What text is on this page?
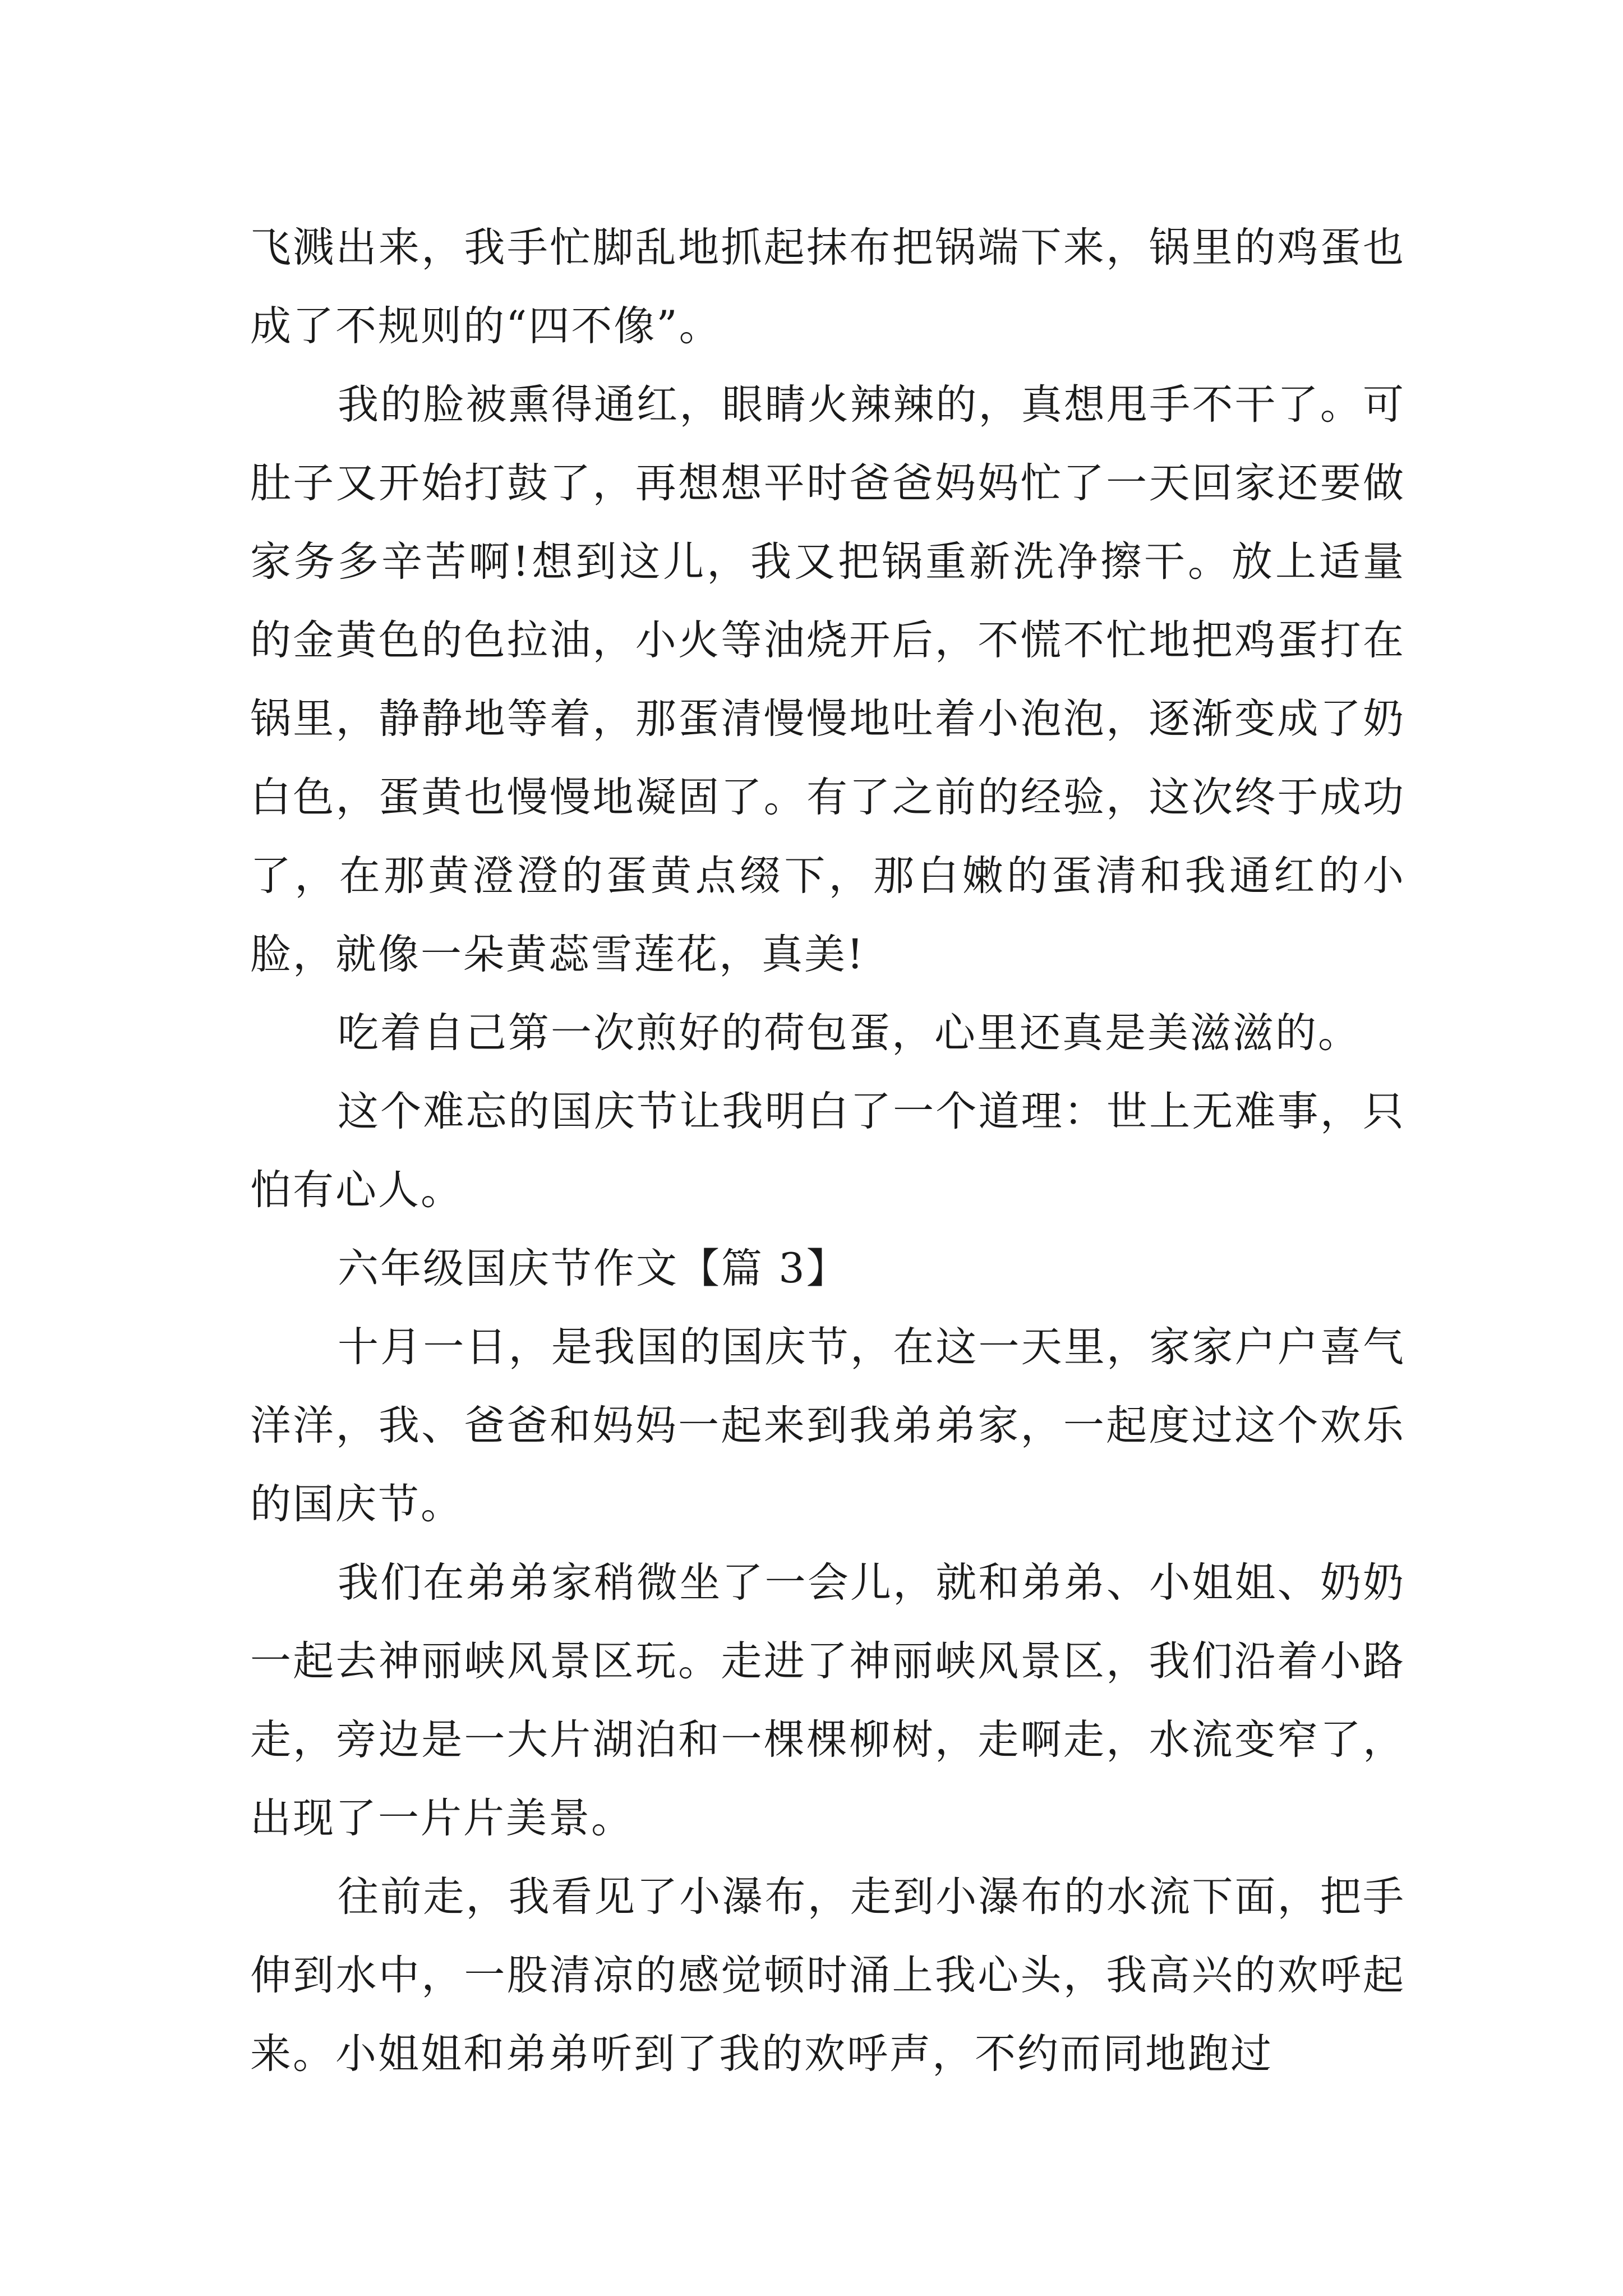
飞溅出来，我手忙脚乱地抓起抹布把锅端下来，锅里的鸡蛋也成了不规则的“四不像”。

我的脸被熏得通红，眼睛火辣辣的，真想甩手不干了。可肚子又开始打鼓了，再想想平时爸爸妈妈忙了一天回家还要做家务多辛苦啊!想到这儿，我又把锅重新洗净擦干。放上适量的金黄色的色拉油，小火等油烧开后，不慌不忙地把鸡蛋打在锅里，静静地等着，那蛋清慢慢地吐着小泡泡，逐渐变成了奶白色，蛋黄也慢慢地凝固了。有了之前的经验，这次终于成功了，在那黄澄澄的蛋黄点缀下，那白嫩的蛋清和我通红的小脸，就像一朵黄蕊雪莲花，真美!

吃着自己第一次煎好的荷包蛋，心里还真是美滋滋的。

这个难忘的国庆节让我明白了一个道理：世上无难事，只怕有心人。

六年级国庆节作文【篇 3】

十月一日，是我国的国庆节，在这一天里，家家户户喜气洋洋，我、爸爸和妈妈一起来到我弟弟家，一起度过这个欢乐的国庆节。

我们在弟弟家稍微坐了一会儿，就和弟弟、小姐姐、奶奶一起去神丽峡风景区玩。走进了神丽峡风景区，我们沿着小路走，旁边是一大片湖泊和一棵棵柳树，走啊走，水流变窄了，出现了一片片美景。

往前走，我看见了小瀑布，走到小瀑布的水流下面，把手伸到水中，一股清凉的感觉顿时涌上我心头，我高兴的欢呼起来。小姐姐和弟弟听到了我的欢呼声，不约而同地跑过
